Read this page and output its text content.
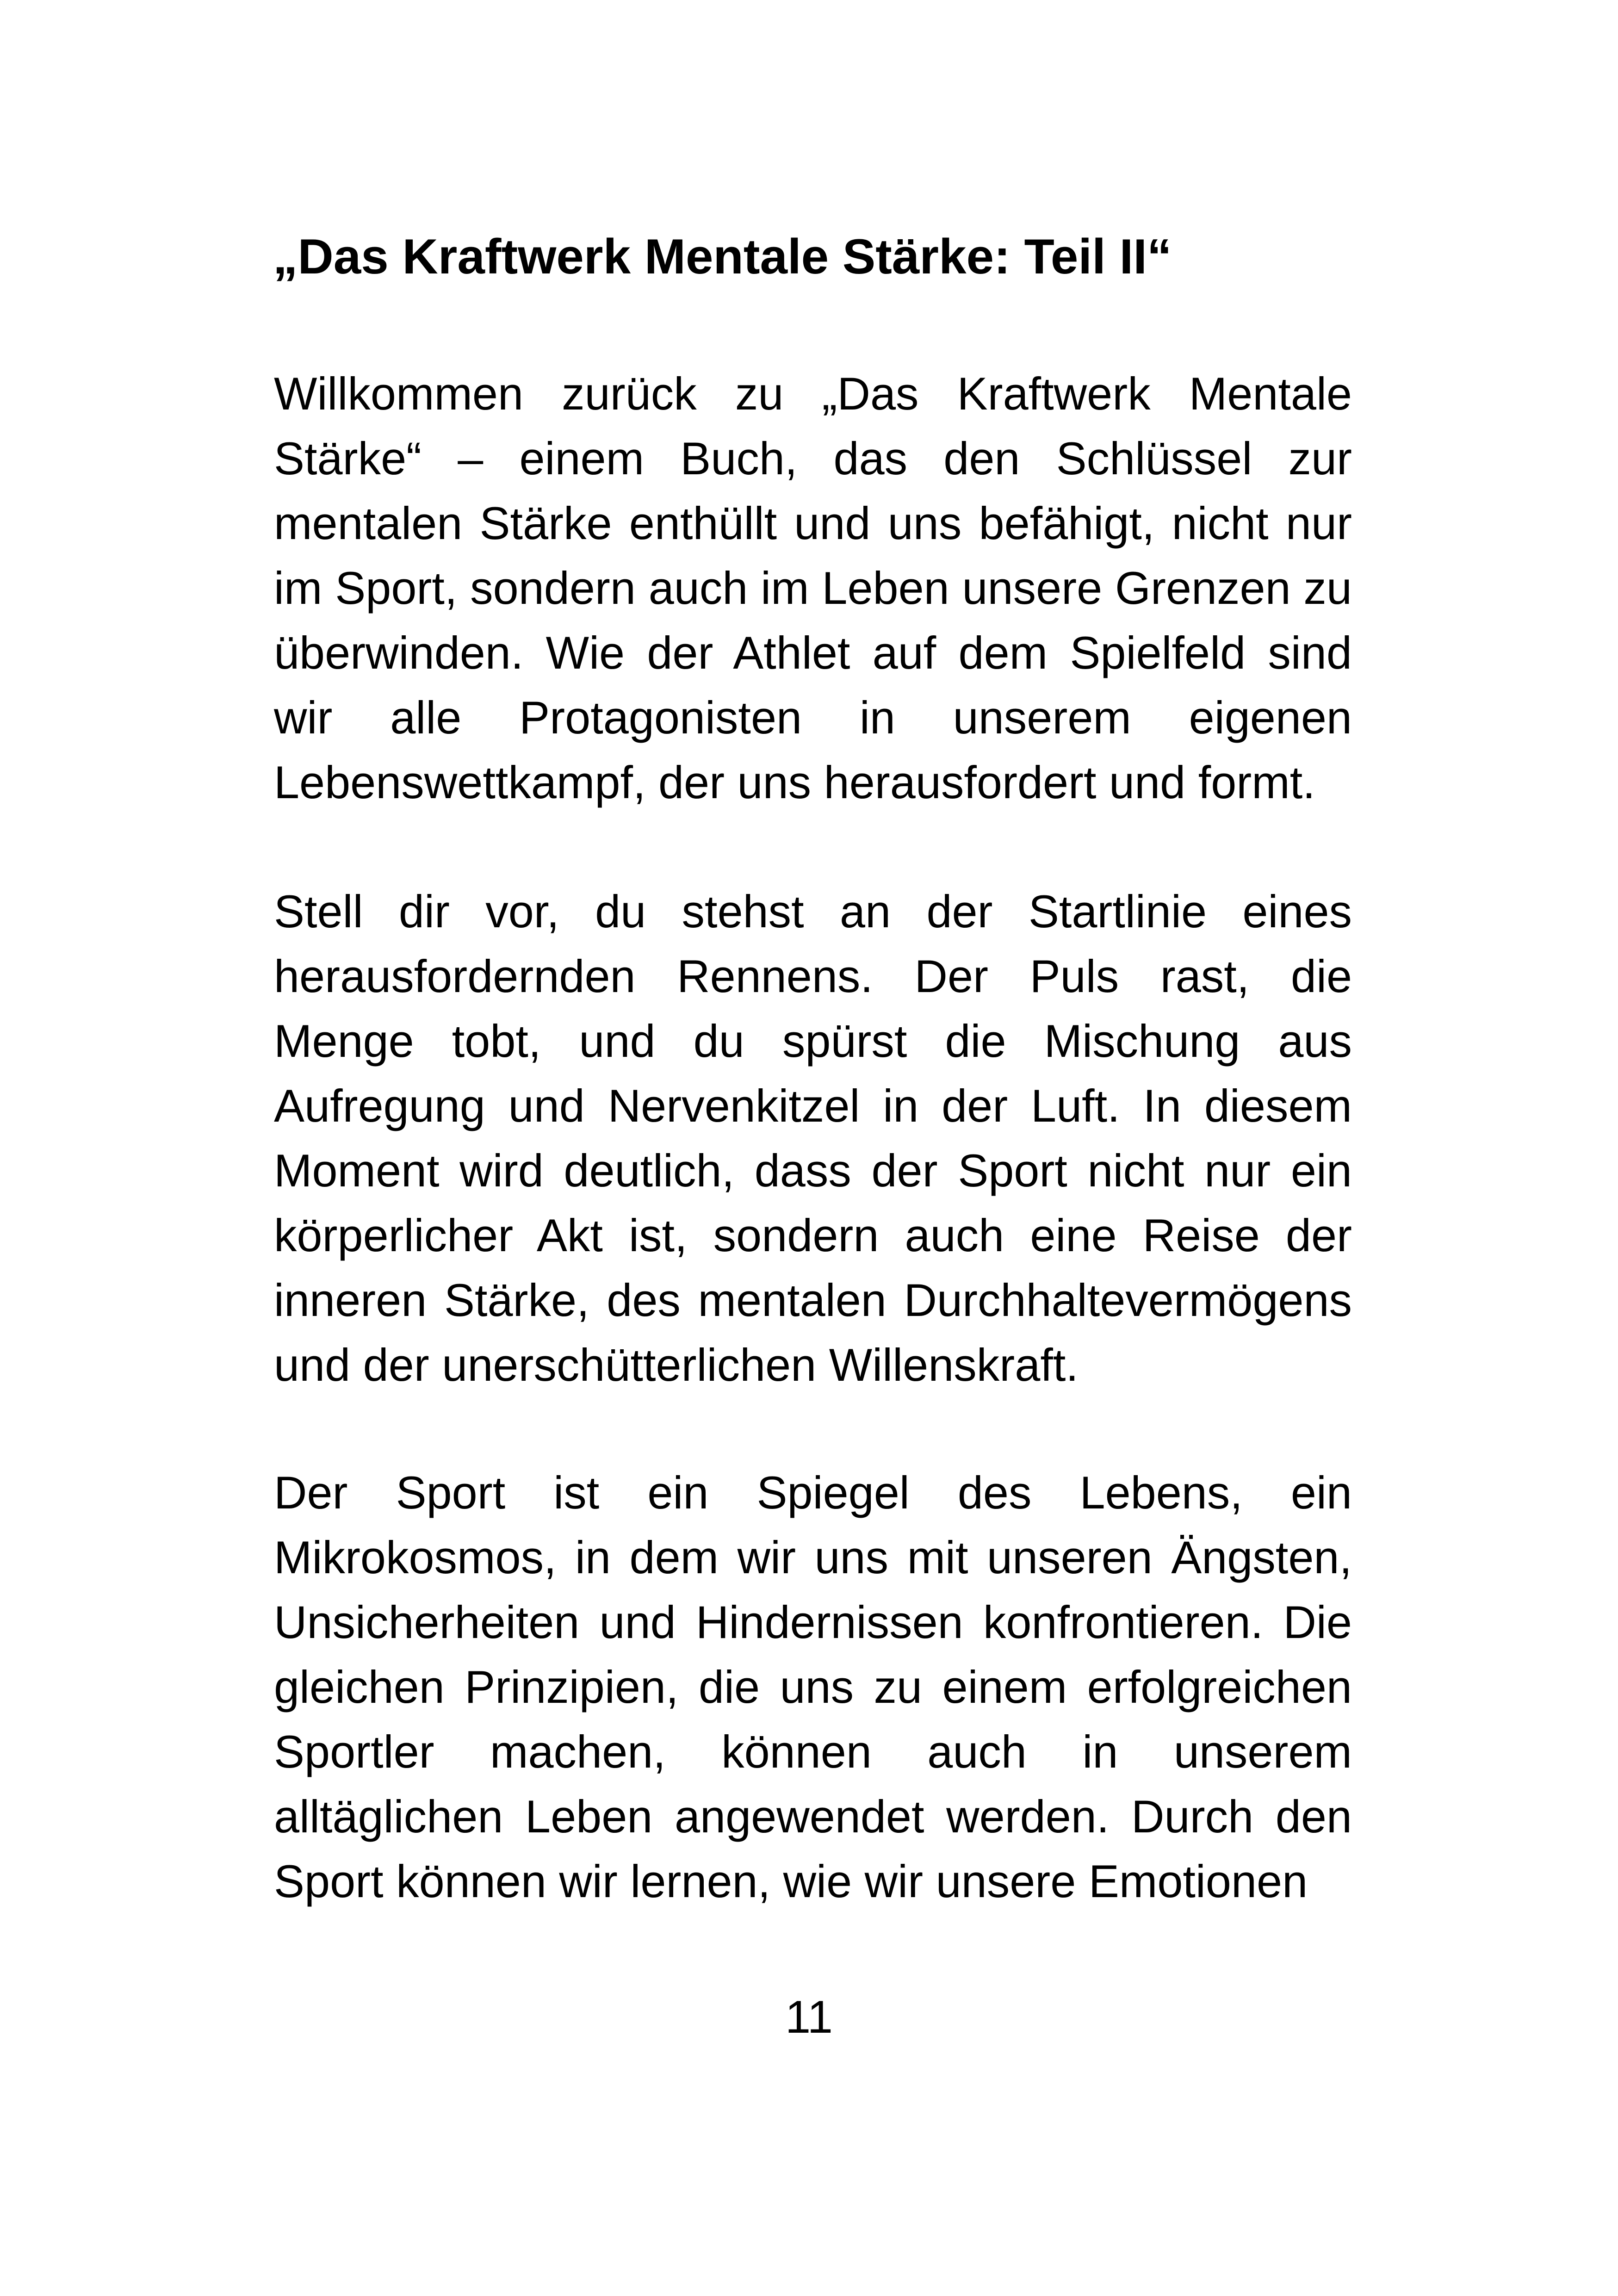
„Das Kraftwerk Mentale Stärke: Teil II“

Willkommen zurück zu „Das Kraftwerk Mentale Stärke“ – einem Buch, das den Schlüssel zur mentalen Stärke enthüllt und uns befähigt, nicht nur im Sport, sondern auch im Leben unsere Grenzen zu überwinden. Wie der Athlet auf dem Spielfeld sind wir alle Protagonisten in unserem eigenen Lebenswettkampf, der uns herausfordert und formt.

Stell dir vor, du stehst an der Startlinie eines herausfordernden Rennens. Der Puls rast, die Menge tobt, und du spürst die Mischung aus Aufregung und Nervenkitzel in der Luft. In diesem Moment wird deutlich, dass der Sport nicht nur ein körperlicher Akt ist, sondern auch eine Reise der inneren Stärke, des mentalen Durchhaltevermögens und der unerschütterlichen Willenskraft.

Der Sport ist ein Spiegel des Lebens, ein Mikrokosmos, in dem wir uns mit unseren Ängsten, Unsicherheiten und Hindernissen konfrontieren. Die gleichen Prinzipien, die uns zu einem erfolgreichen Sportler machen, können auch in unserem alltäglichen Leben angewendet werden. Durch den Sport können wir lernen, wie wir unsere Emotionen

11
